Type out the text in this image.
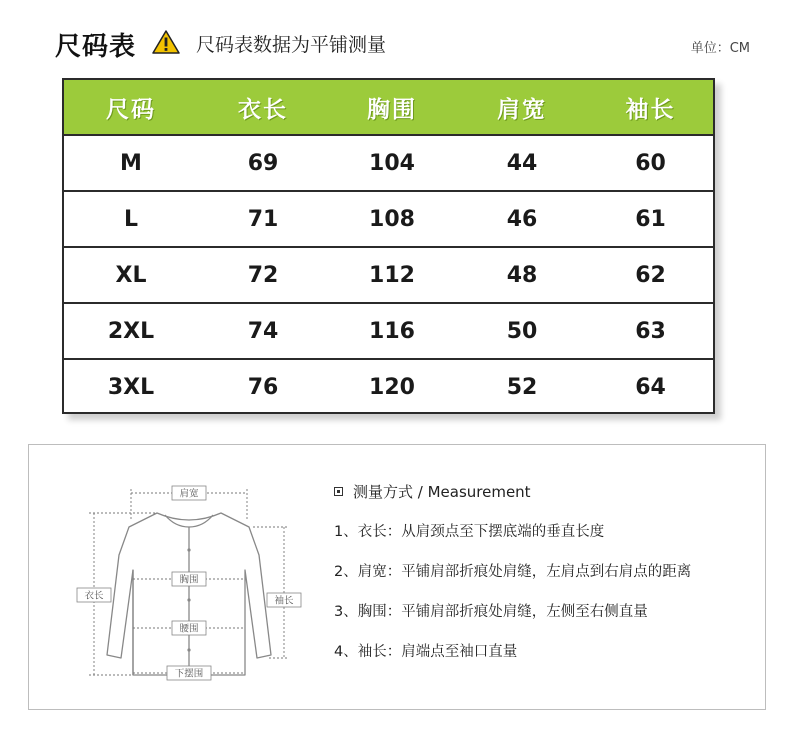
尺码表	尺码表数据为平铺测量	单位：CM
尺码	衣长	胸围	肩宽	袖长
M	69	104	44	60
L	71	108	46	61
XL	72	112	48	62
2XL	74	116	50	63
3XL	76	120	52	64
肩宽
衣长
胸围
袖长
腰围
下摆围
测量方式 / Measurement
1、衣长：从肩颈点至下摆底端的垂直长度
2、肩宽：平铺肩部折痕处肩缝，左肩点到右肩点的距离
3、胸围：平铺肩部折痕处肩缝，左侧至右侧直量
4、袖长：肩端点至袖口直量
